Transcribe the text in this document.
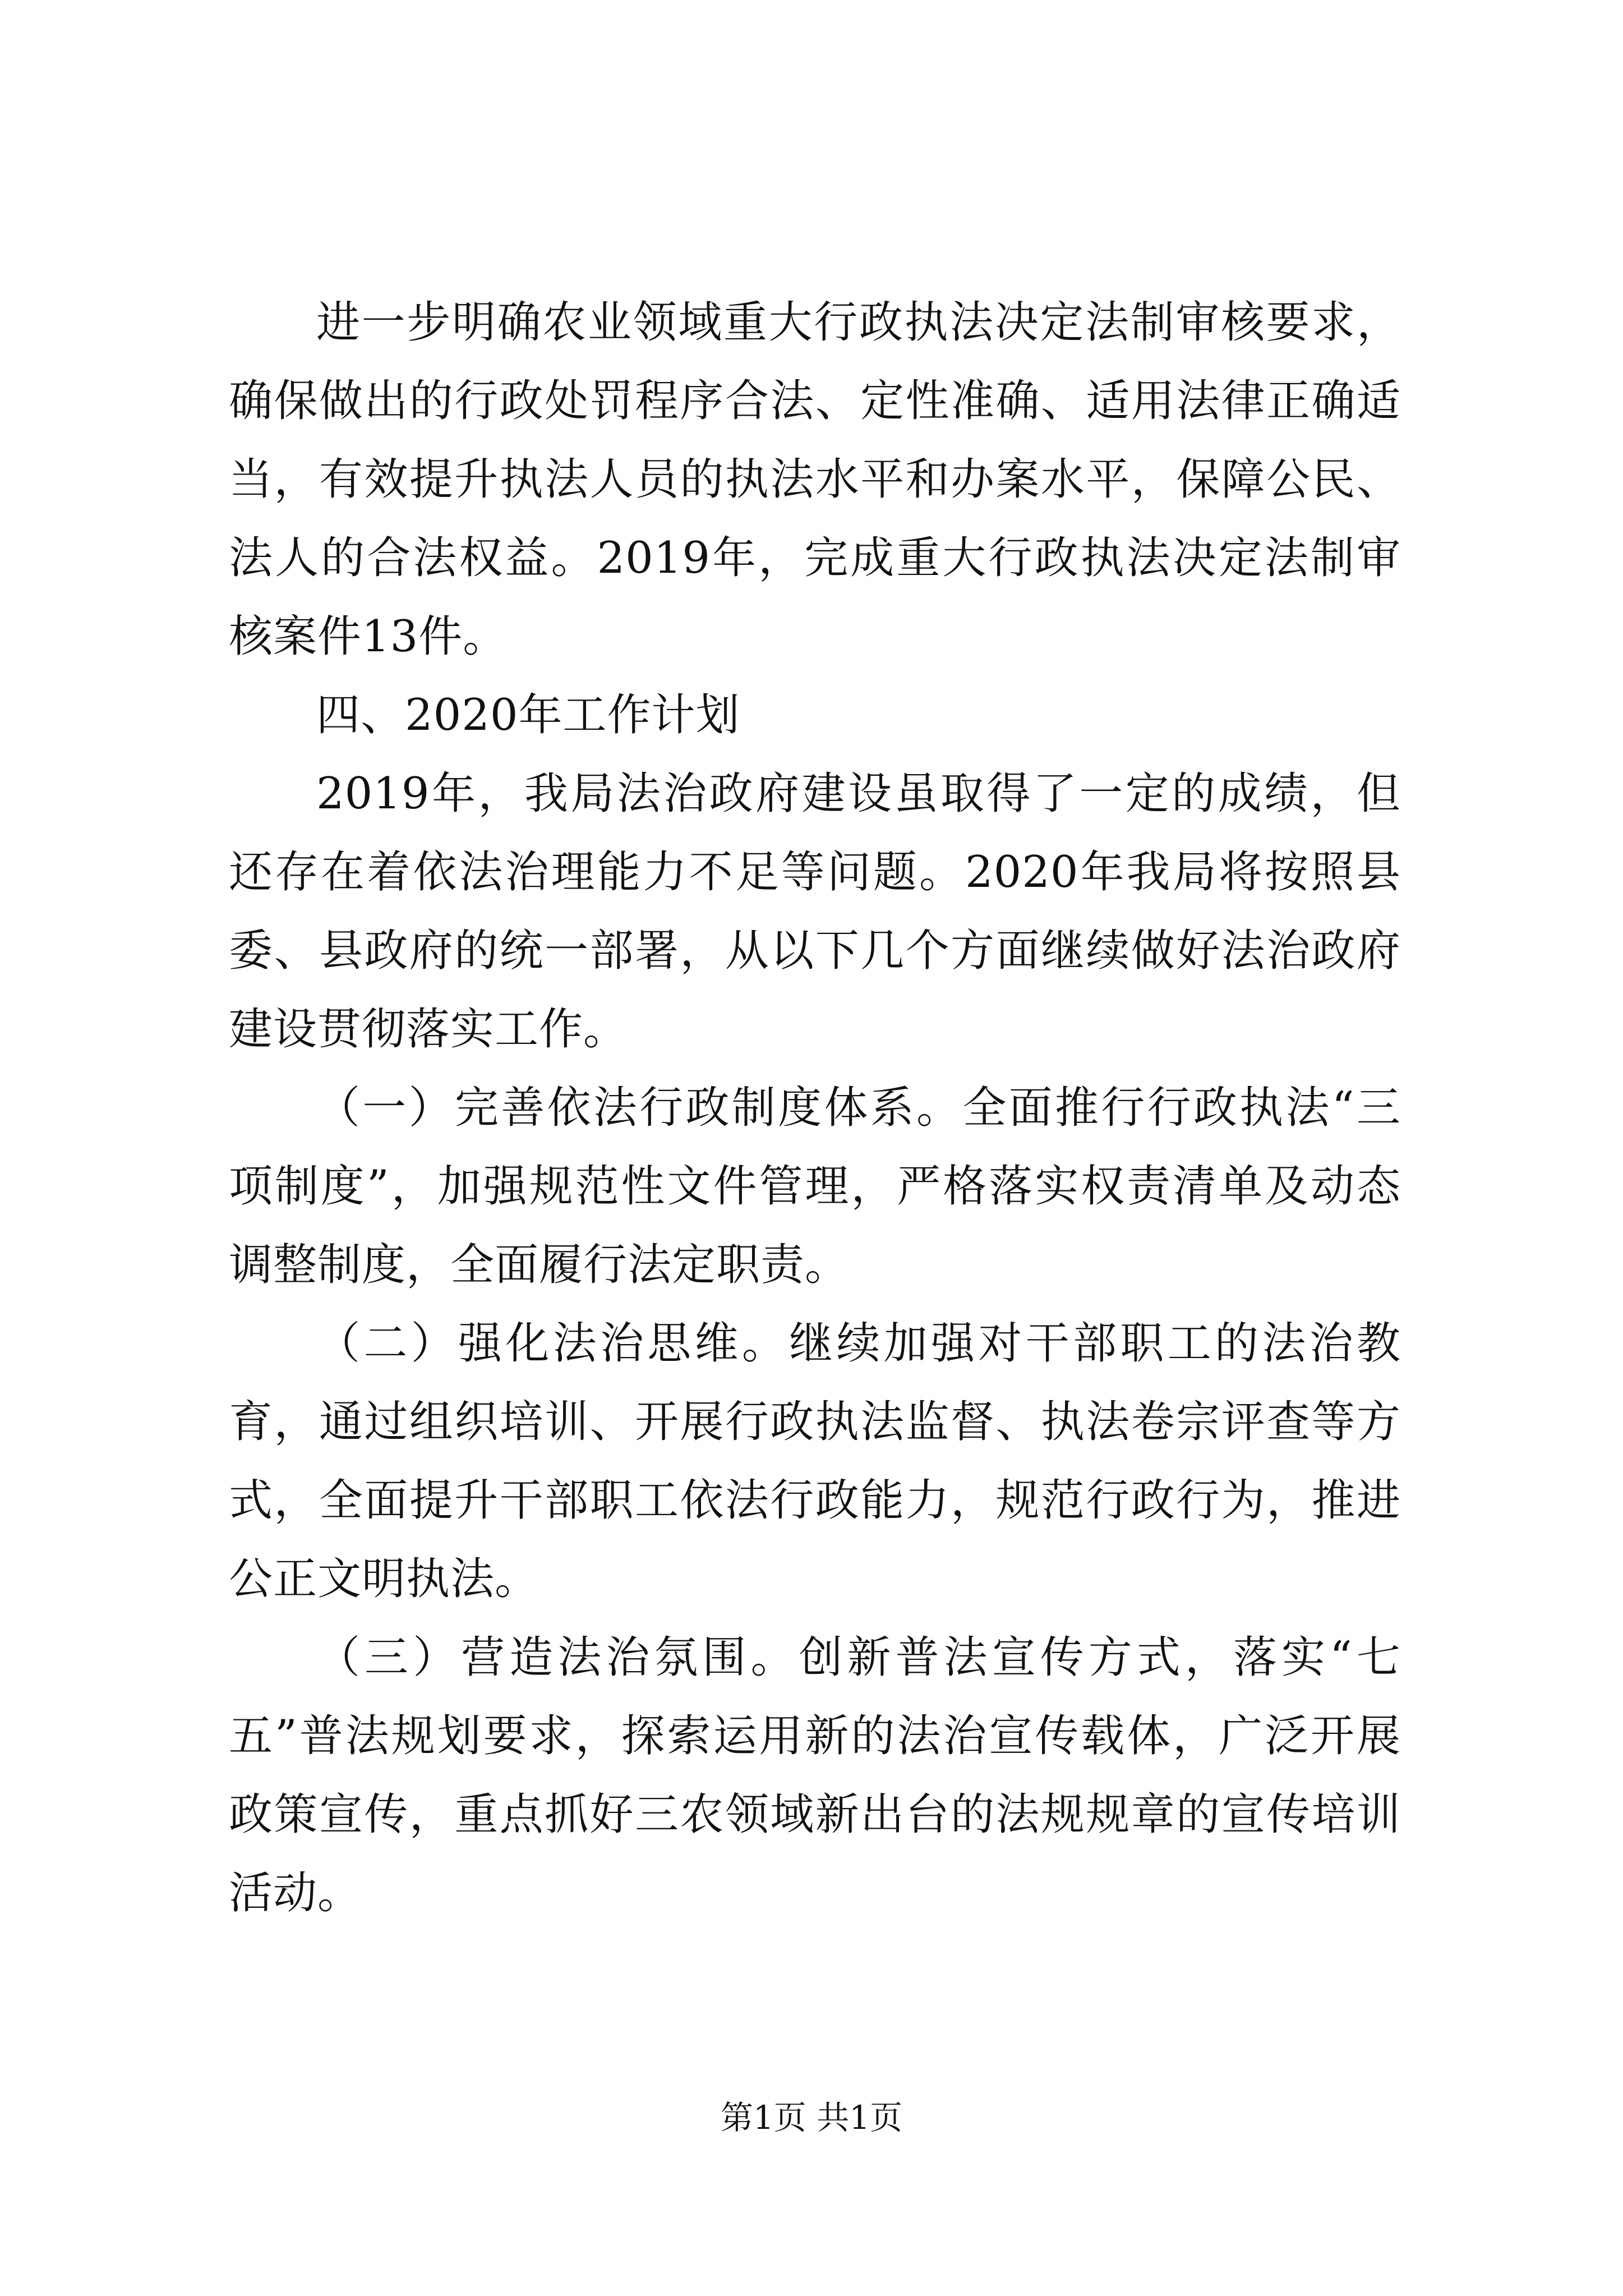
进一步明确农业领域重大行政执法决定法制审核要求，确保做出的行政处罚程序合法、定性准确、适用法律正确适当，有效提升执法人员的执法水平和办案水平，保障公民、法人的合法权益。2019年，完成重大行政执法决定法制审核案件13件。

四、2020年工作计划

2019年，我局法治政府建设虽取得了一定的成绩，但还存在着依法治理能力不足等问题。2020年我局将按照县委、县政府的统一部署，从以下几个方面继续做好法治政府建设贯彻落实工作。

（一）完善依法行政制度体系。全面推行行政执法“三项制度”，加强规范性文件管理，严格落实权责清单及动态调整制度，全面履行法定职责。

（二）强化法治思维。继续加强对干部职工的法治教育，通过组织培训、开展行政执法监督、执法卷宗评查等方式，全面提升干部职工依法行政能力，规范行政行为，推进公正文明执法。

（三）营造法治氛围。创新普法宣传方式，落实“七五”普法规划要求，探索运用新的法治宣传载体，广泛开展政策宣传，重点抓好三农领域新出台的法规规章的宣传培训活动。

第1页 共1页
